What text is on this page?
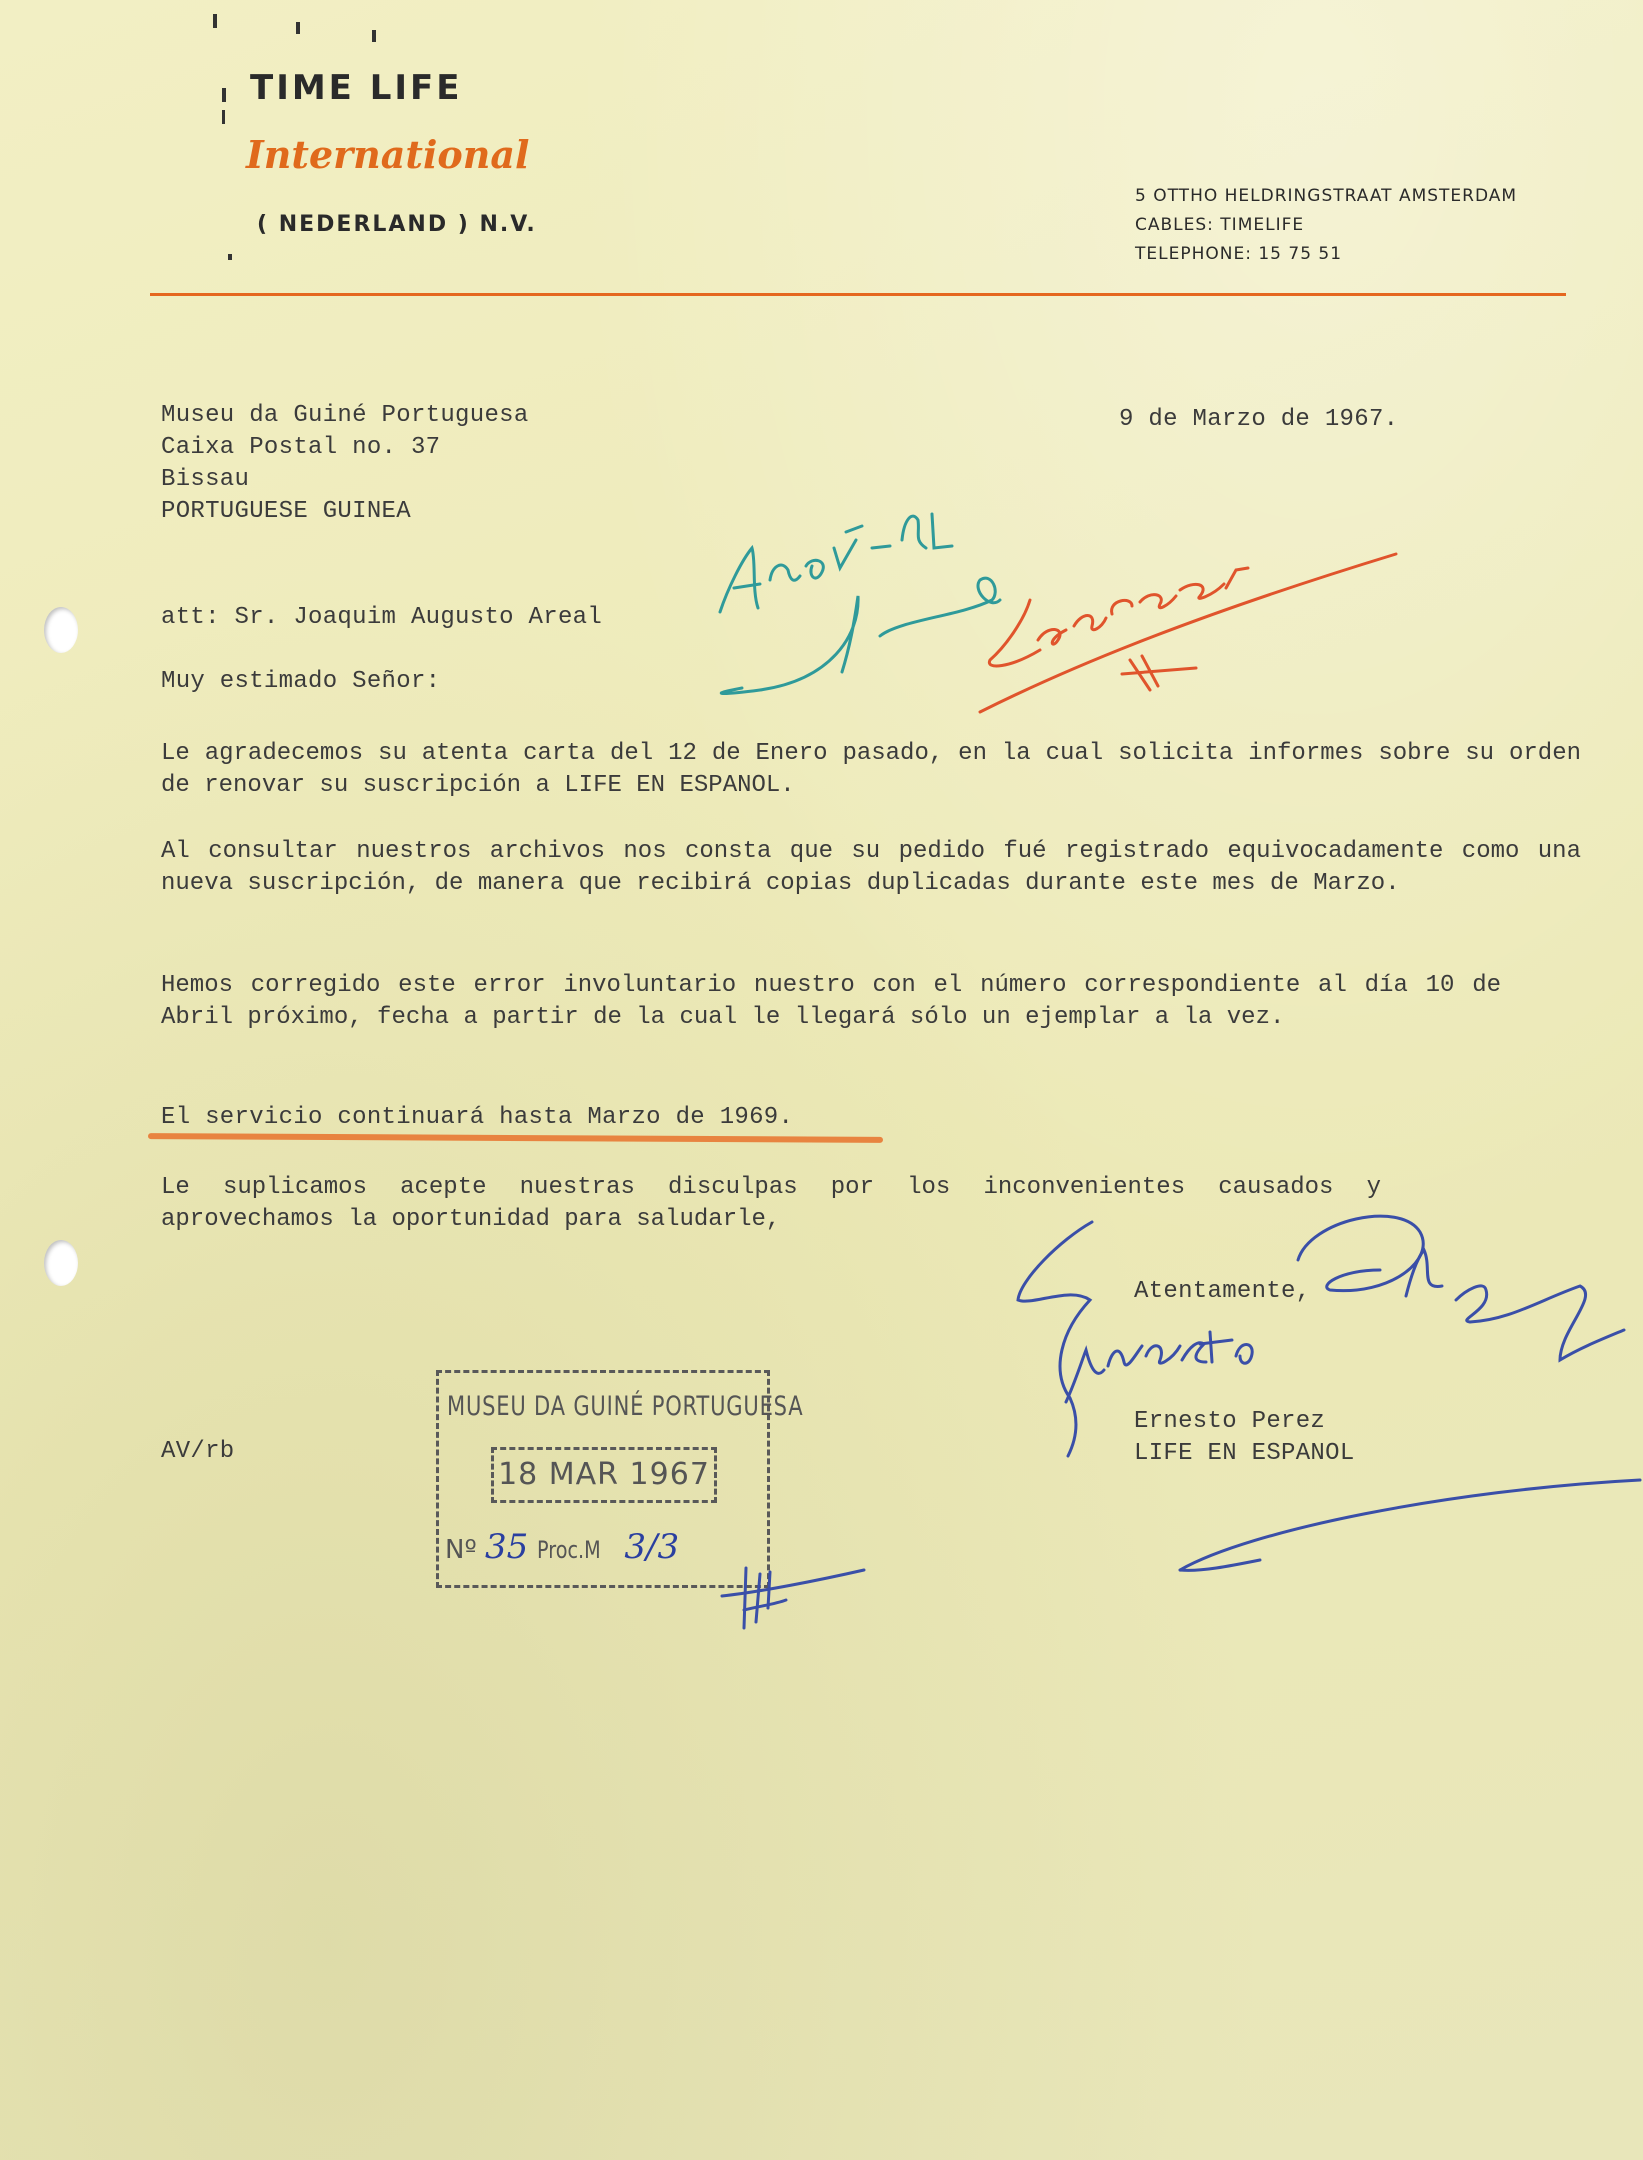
TIME LIFE
International
( NEDERLAND ) N.V.
5 OTTHO HELDRINGSTRAAT AMSTERDAM
CABLES: TIMELIFE
TELEPHONE: 15 75 51
Museu da Guiné Portuguesa
Caixa Postal no. 37
Bissau
PORTUGUESE GUINEA
9 de Marzo de 1967.
att: Sr. Joaquim Augusto Areal
Muy estimado Señor:
Le agradecemos su atenta carta del 12 de Enero pasado, en la cual solicita informes sobre su orden de renovar su suscripción a LIFE EN ESPANOL.
Al consultar nuestros archivos nos consta que su pedido fué registrado equivocadamente como una nueva suscripción, de manera que recibirá copias duplicadas durante este mes de Marzo.
Hemos corregido este error involuntario nuestro con el número correspondiente al día 10 de Abril próximo, fecha a partir de la cual le llegará sólo un ejemplar a la vez.
El servicio continuará hasta Marzo de 1969.
Le suplicamos acepte nuestras disculpas por los inconvenientes causados y aprovechamos la oportunidad para saludarle,
Atentamente,
Ernesto Perez
LIFE EN ESPANOL
AV/rb
MUSEU DA GUINÉ PORTUGUESA
18 MAR 1967
Nº 35 Proc.M 3/3
